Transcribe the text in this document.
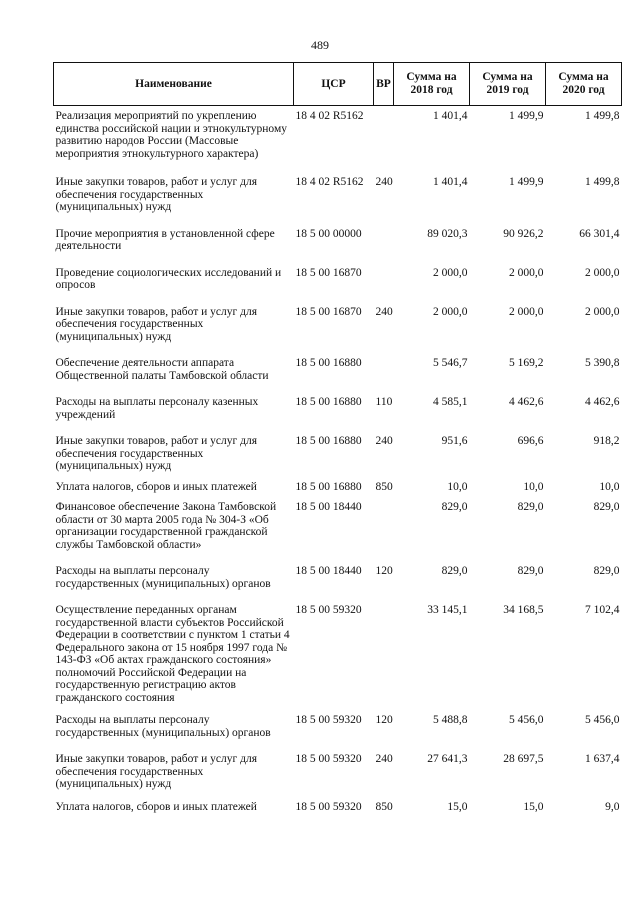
489
Наименование	ЦСР	ВР	Сумма на 2018 год	Сумма на 2019 год	Сумма на 2020 год
Реализация мероприятий по укреплению единства российской нации и этнокультурному развитию народов России (Массовые мероприятия этнокультурного характера)	18 4 02 R5162		1 401,4	1 499,9	1 499,8
Иные закупки товаров, работ и услуг для обеспечения государственных (муниципальных) нужд	18 4 02 R5162	240	1 401,4	1 499,9	1 499,8
Прочие мероприятия в установленной сфере деятельности	18 5 00 00000		89 020,3	90 926,2	66 301,4
Проведение социологических исследований и опросов	18 5 00 16870		2 000,0	2 000,0	2 000,0
Иные закупки товаров, работ и услуг для обеспечения государственных (муниципальных) нужд	18 5 00 16870	240	2 000,0	2 000,0	2 000,0
Обеспечение деятельности аппарата Общественной палаты Тамбовской области	18 5 00 16880		5 546,7	5 169,2	5 390,8
Расходы на выплаты персоналу казенных учреждений	18 5 00 16880	110	4 585,1	4 462,6	4 462,6
Иные закупки товаров, работ и услуг для обеспечения государственных (муниципальных) нужд	18 5 00 16880	240	951,6	696,6	918,2
Уплата налогов, сборов и иных платежей	18 5 00 16880	850	10,0	10,0	10,0
Финансовое обеспечение Закона Тамбовской области от 30 марта 2005 года № 304-З «Об организации государственной гражданской службы Тамбовской области»	18 5 00 18440		829,0	829,0	829,0
Расходы на выплаты персоналу государственных (муниципальных) органов	18 5 00 18440	120	829,0	829,0	829,0
Осуществление переданных органам государственной власти субъектов Российской Федерации в соответствии с пунктом 1 статьи 4 Федерального закона от 15 ноября 1997 года № 143-ФЗ «Об актах гражданского состояния» полномочий Российской Федерации на государственную регистрацию актов гражданского состояния	18 5 00 59320		33 145,1	34 168,5	7 102,4
Расходы на выплаты персоналу государственных (муниципальных) органов	18 5 00 59320	120	5 488,8	5 456,0	5 456,0
Иные закупки товаров, работ и услуг для обеспечения государственных (муниципальных) нужд	18 5 00 59320	240	27 641,3	28 697,5	1 637,4
Уплата налогов, сборов и иных платежей	18 5 00 59320	850	15,0	15,0	9,0
